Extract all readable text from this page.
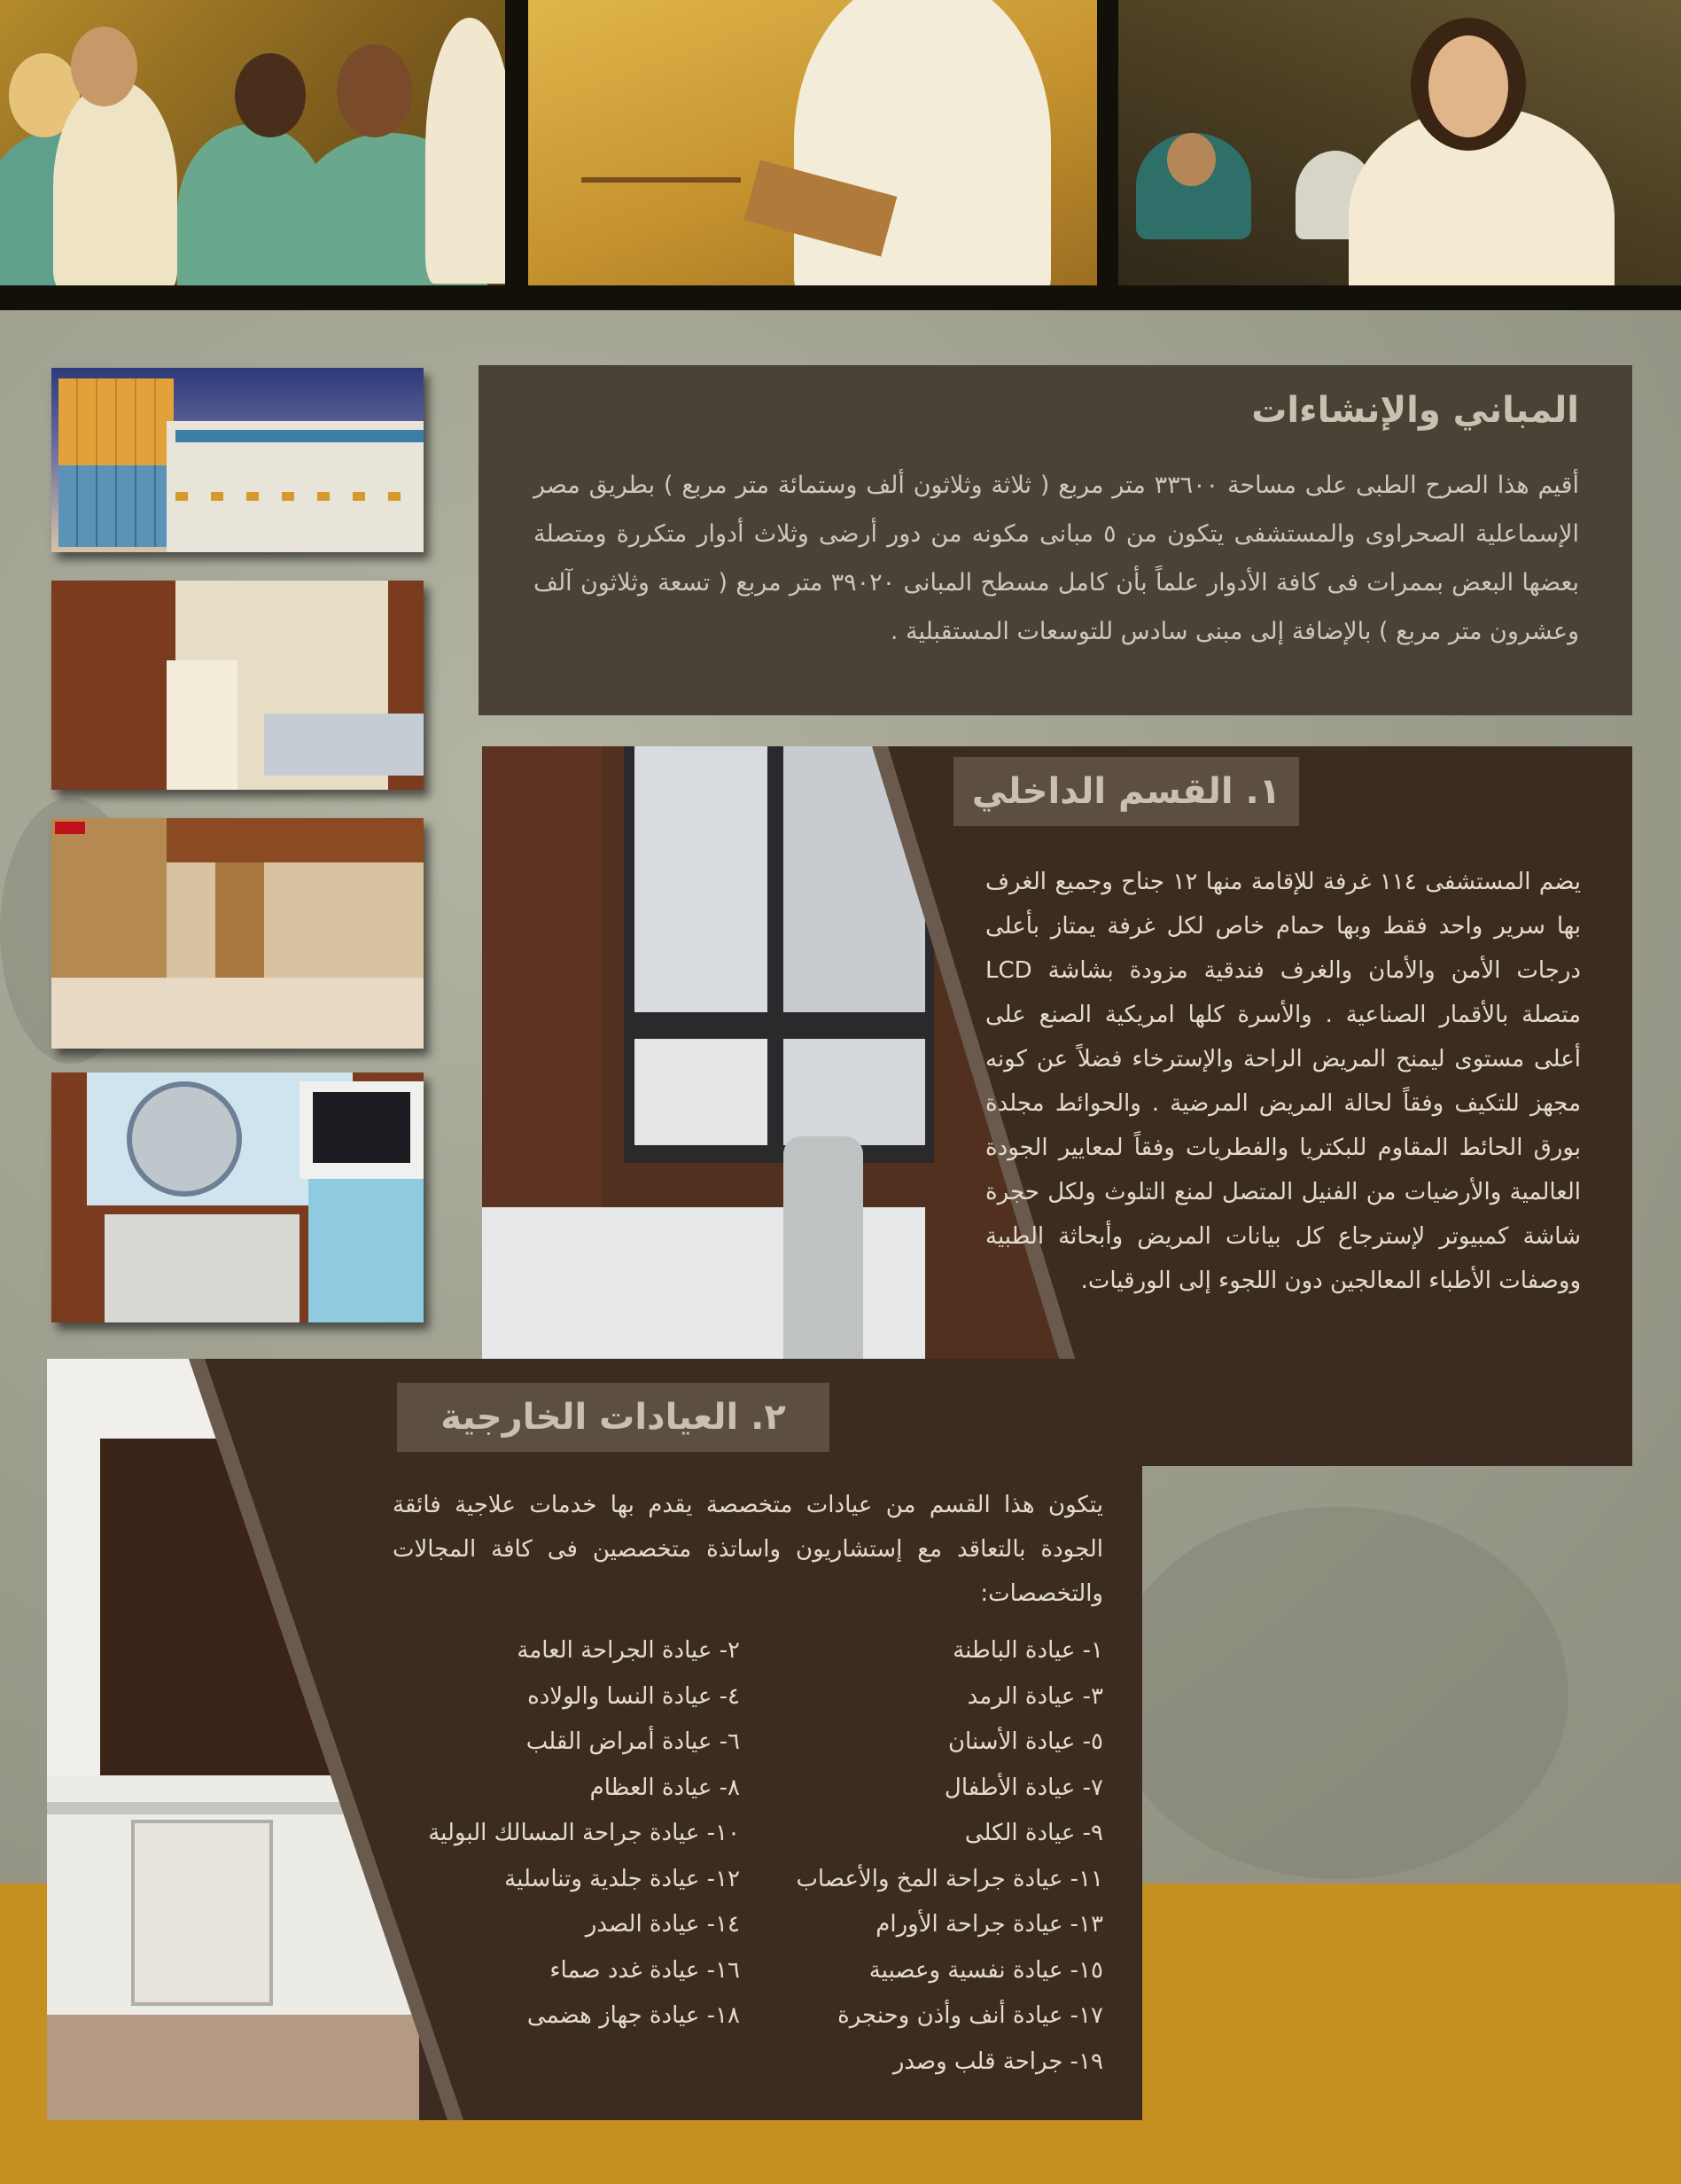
المباني والإنشاءات

أقيم هذا الصرح الطبى على مساحة ٣٣٦٠٠ متر مربع ( ثلاثة وثلاثون ألف وستمائة متر مربع ) بطريق مصر الإسماعلية الصحراوى والمستشفى يتكون من ٥ مبانى مكونه من دور أرضى وثلاث أدوار متكررة ومتصلة بعضها البعض بممرات فى كافة الأدوار علماً بأن كامل مسطح المبانى ٣٩٠٢٠ متر مربع ( تسعة وثلاثون آلف وعشرون متر مربع ) بالإضافة إلى مبنى سادس للتوسعات المستقبلية .

١. القسم الداخلي

يضم المستشفى ١١٤ غرفة للإقامة منها ١٢ جناح وجميع الغرف بها سرير واحد فقط وبها حمام خاص لكل غرفة يمتاز بأعلى درجات الأمن والأمان والغرف فندقية مزودة بشاشة LCD متصلة بالأقمار الصناعية . والأسرة كلها امريكية الصنع على أعلى مستوى ليمنح المريض الراحة والإسترخاء فضلاً عن كونه مجهز للتكيف وفقاً لحالة المريض المرضية . والحوائط مجلدة بورق الحائط المقاوم للبكتريا والفطريات وفقاً لمعايير الجودة العالمية والأرضيات من الفنيل المتصل لمنع التلوث ولكل حجرة شاشة كمبيوتر لإسترجاع كل بيانات المريض وأبحاثة الطبية ووصفات الأطباء المعالجين دون اللجوء إلى الورقيات.

٢. العيادات الخارجية

يتكون هذا القسم من عيادات متخصصة يقدم بها خدمات علاجية فائقة الجودة بالتعاقد مع إستشاريون واساتذة متخصصين فى كافة المجالات والتخصصات:

١- عيادة الباطنة
٢- عيادة الجراحة العامة
٣- عيادة الرمد
٤- عيادة النسا والولاده
٥- عيادة الأسنان
٦- عيادة أمراض القلب
٧- عيادة الأطفال
٨- عيادة العظام
٩- عيادة الكلى
١٠- عيادة جراحة المسالك البولية
١١- عيادة جراحة المخ والأعصاب
١٢- عيادة جلدية وتناسلية
١٣- عيادة جراحة الأورام
١٤- عيادة الصدر
١٥- عيادة نفسية وعصبية
١٦- عيادة غدد صماء
١٧- عيادة أنف وأذن وحنجرة
١٨- عيادة جهاز هضمى
١٩- جراحة قلب وصدر
